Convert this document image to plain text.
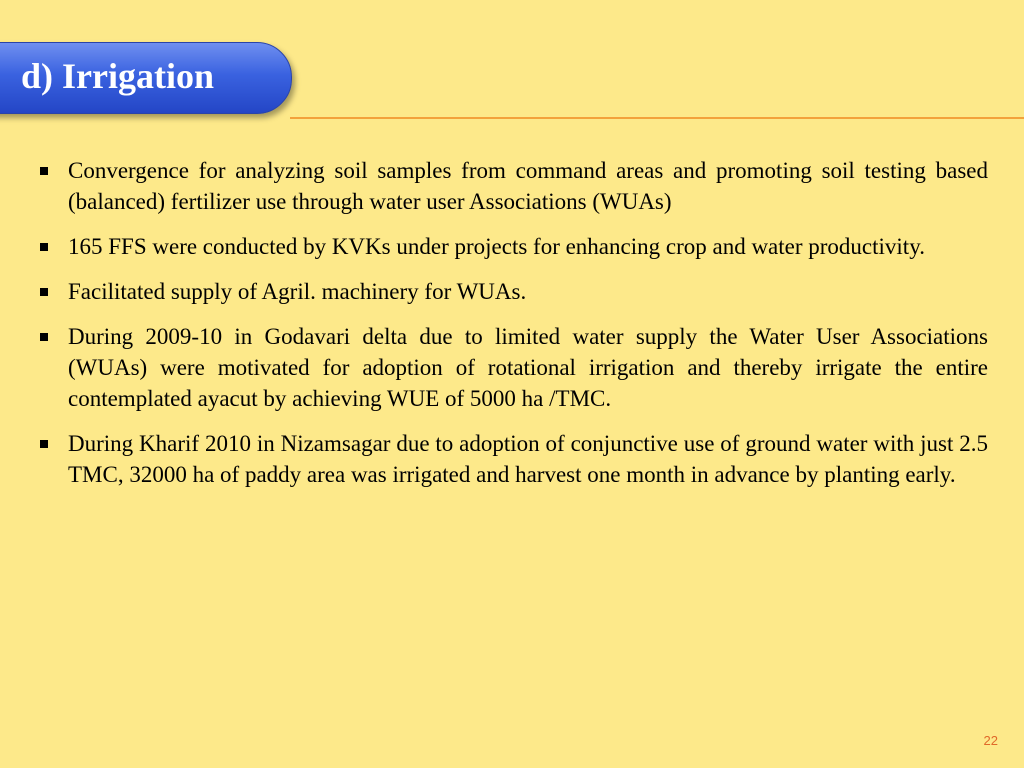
d) Irrigation
Convergence for analyzing soil samples from command areas and promoting soil testing based (balanced) fertilizer use through water user Associations (WUAs)
165 FFS were conducted by KVKs under projects for enhancing crop and water productivity.
Facilitated supply of Agril. machinery for WUAs.
During 2009-10 in Godavari delta due to limited water supply the Water User Associations (WUAs) were motivated for adoption of rotational irrigation and thereby irrigate the entire contemplated ayacut by achieving WUE of 5000 ha /TMC.
During Kharif 2010 in Nizamsagar due to adoption of conjunctive use of ground water with just 2.5 TMC, 32000 ha of paddy area was irrigated and harvest one month in advance by planting early.
22
